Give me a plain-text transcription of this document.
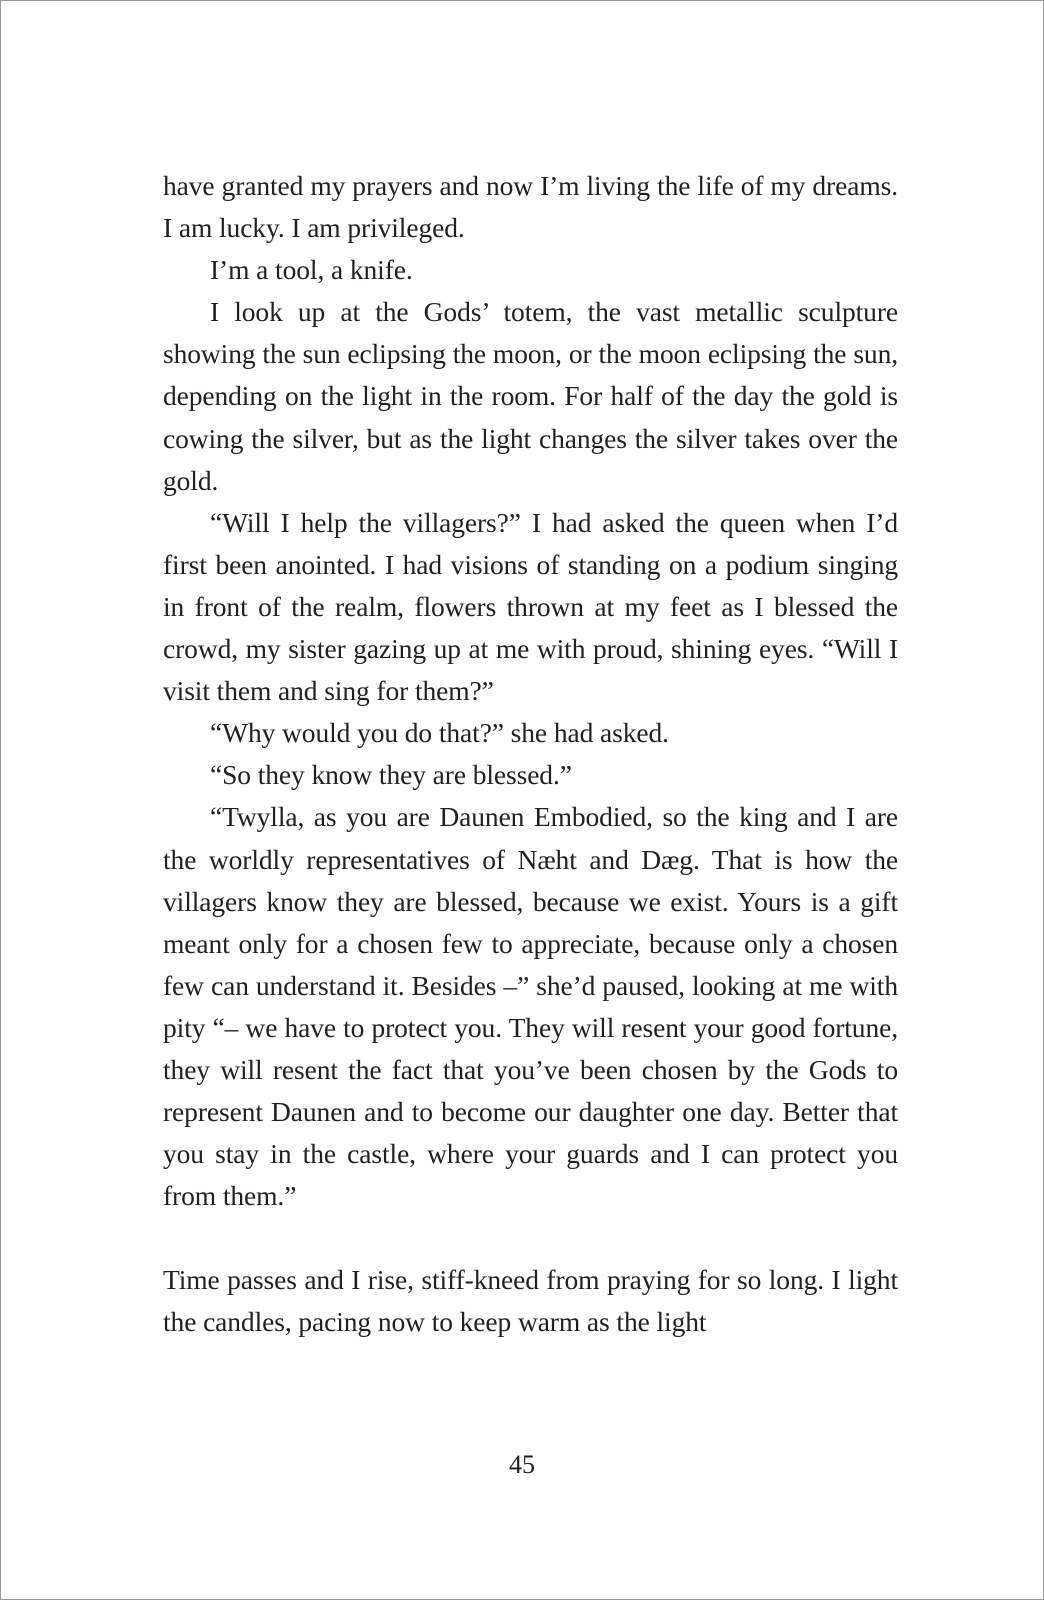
have granted my prayers and now I’m living the life of my dreams. I am lucky. I am privileged.

I’m a tool, a knife.

I look up at the Gods’ totem, the vast metallic sculpture showing the sun eclipsing the moon, or the moon eclipsing the sun, depending on the light in the room. For half of the day the gold is cowing the silver, but as the light changes the silver takes over the gold.

“Will I help the villagers?” I had asked the queen when I’d first been anointed. I had visions of standing on a podium singing in front of the realm, flowers thrown at my feet as I blessed the crowd, my sister gazing up at me with proud, shining eyes. “Will I visit them and sing for them?”

“Why would you do that?” she had asked.

“So they know they are blessed.”

“Twylla, as you are Daunen Embodied, so the king and I are the worldly representatives of Næht and Dæg. That is how the villagers know they are blessed, because we exist. Yours is a gift meant only for a chosen few to appreciate, because only a chosen few can understand it. Besides –” she’d paused, looking at me with pity “– we have to protect you. They will resent your good fortune, they will resent the fact that you’ve been chosen by the Gods to represent Daunen and to become our daughter one day. Better that you stay in the castle, where your guards and I can protect you from them.”

Time passes and I rise, stiff-kneed from praying for so long. I light the candles, pacing now to keep warm as the light

45
